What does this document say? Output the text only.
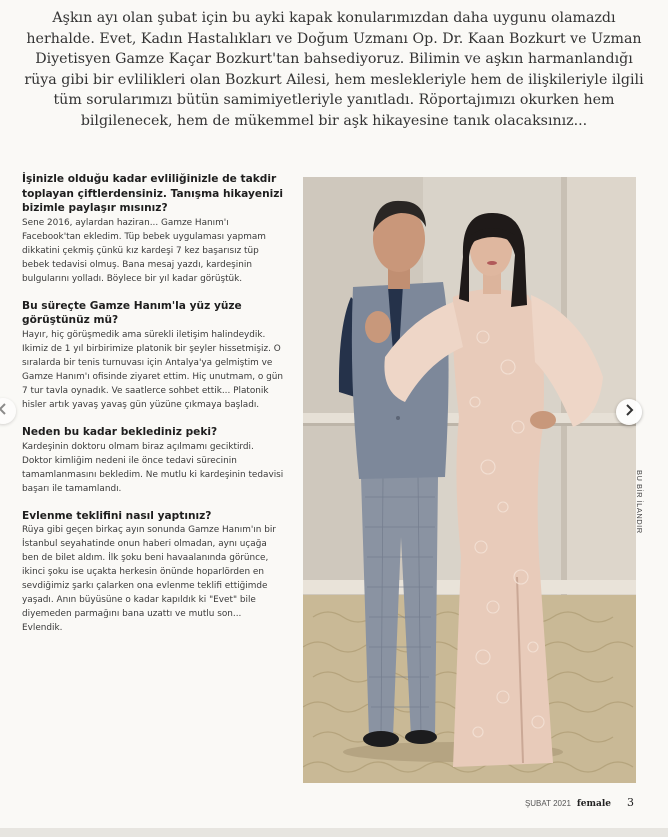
Aşkın ayı olan şubat için bu ayki kapak konularımızdan daha uygunu olamazdı herhalde. Evet, Kadın Hastalıkları ve Doğum Uzmanı Op. Dr. Kaan Bozkurt ve Uzman Diyetisyen Gamze Kaçar Bozkurt'tan bahsediyoruz. Bilimin ve aşkın harmanlandığı rüya gibi bir evlilikleri olan Bozkurt Ailesi, hem meslekleriyle hem de ilişkileriyle ilgili tüm sorularımızı bütün samimiyetleriyle yanıtladı. Röportajımızı okurken hem bilgilenecek, hem de mükemmel bir aşk hikayesine tanık olacaksınız...

İşinizle olduğu kadar evliliğinizle de takdir toplayan çiftlerdensiniz. Tanışma hikayenizi bizimle paylaşır mısınız?

Sene 2016, aylardan haziran... Gamze Hanım'ı Facebook'tan ekledim. Tüp bebek uygulaması yapmam dikkatini çekmiş çünkü kız kardeşi 7 kez başarısız tüp bebek tedavisi olmuş. Bana mesaj yazdı, kardeşinin bulgularını yolladı. Böylece bir yıl kadar görüştük.

Bu süreçte Gamze Hanım'la yüz yüze görüştünüz mü?

Hayır, hiç görüşmedik ama sürekli iletişim halindeydik. Ikimiz de 1 yıl birbirimize platonik bir şeyler hissetmişiz. O sıralarda bir tenis turnuvası için Antalya'ya gelmiştim ve Gamze Hanım'ı ofisinde ziyaret ettim. Hiç unutmam, o gün 7 tur tavla oynadık. Ve saatlerce sohbet ettik... Platonik hisler artık yavaş yavaş gün yüzüne çıkmaya başladı.

Neden bu kadar beklediniz peki?

Kardeşinin doktoru olmam biraz açılmamı geciktirdi. Doktor kimliğim nedeni ile önce tedavi sürecinin tamamlanmasını bekledim. Ne mutlu ki kardeşinin tedavisi başarı ile tamamlandı.

Evlenme teklifini nasıl yaptınız?

Rüya gibi geçen birkaç ayın sonunda Gamze Hanım'ın bir İstanbul seyahatinde onun haberi olmadan, aynı uçağa ben de bilet aldım. İlk şoku beni havaalanında görünce, ikinci şoku ise uçakta herkesin önünde hoparlörden en sevdiğimiz şarkı çalarken ona evlenme teklifi ettiğimde yaşadı. Anın büyüsüne o kadar kapıldık ki "Evet" bile diyemeden parmağını bana uzattı ve mutlu son... Evlendik.

BU BİR İLANDIR
ŞUBAT 2021 female 3
